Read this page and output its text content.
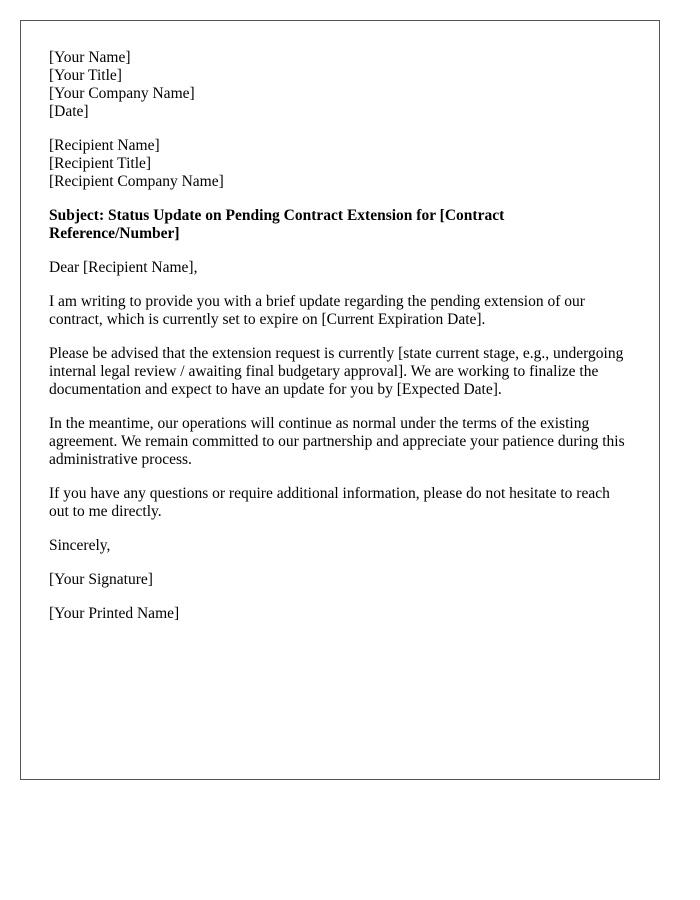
[Your Name]
[Your Title]
[Your Company Name]
[Date]
[Recipient Name]
[Recipient Title]
[Recipient Company Name]

Subject: Status Update on Pending Contract Extension for [Contract Reference/Number]

Dear [Recipient Name],

I am writing to provide you with a brief update regarding the pending extension of our contract, which is currently set to expire on [Current Expiration Date].

Please be advised that the extension request is currently [state current stage, e.g., undergoing internal legal review / awaiting final budgetary approval]. We are working to finalize the documentation and expect to have an update for you by [Expected Date].

In the meantime, our operations will continue as normal under the terms of the existing agreement. We remain committed to our partnership and appreciate your patience during this administrative process.

If you have any questions or require additional information, please do not hesitate to reach out to me directly.

Sincerely,

[Your Signature]

[Your Printed Name]
